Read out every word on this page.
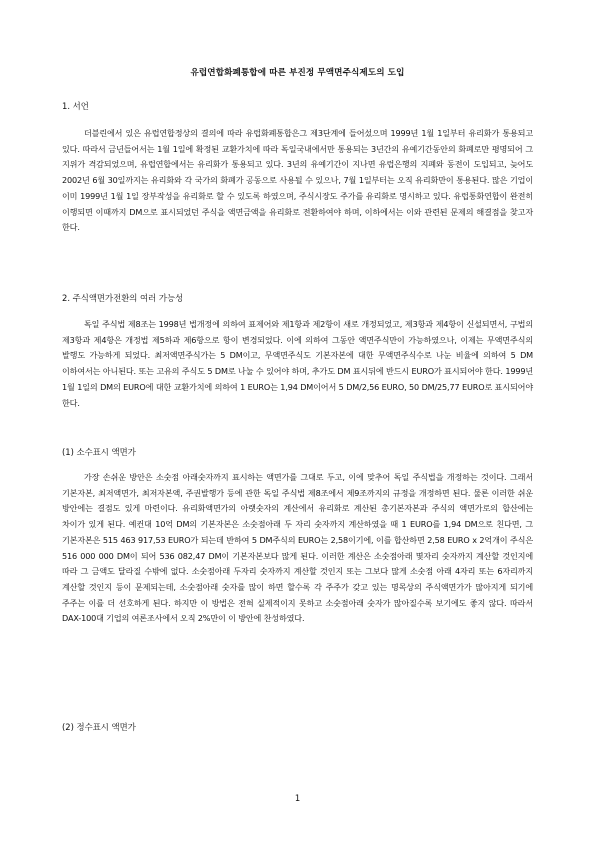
유럽연합화폐통합에 따른 부진정 무액면주식제도의 도입
1. 서언

더블린에서 있은 유럽연합정상의 결의에 따라 유럽화폐통합은그 제3단계에 들어섰으며 1999년 1월 1일부터 유리화가 통용되고 있다. 따라서 금년들어서는 1월 1일에 확정된 교환가치에 따라 독일국내에서만 통용되는 3년간의 유예기간동안의 화폐로만 평명되어 그 지위가 격감되었으며, 유럽연합에서는 유리화가 통용되고 있다. 3년의 유예기간이 지나면 유럽은행의 지폐와 동전이 도입되고, 늦어도 2002년 6월 30일까지는 유리화와 각 국가의 화폐가 공동으로 사용될 수 있으나, 7월 1일부터는 오직 유리화만이 통용된다. 많은 기업이 이미 1999년 1월 1일 장부작성을 유리화로 할 수 있도록 하였으며, 주식시장도 주가를 유리화로 명시하고 있다. 유럽통화연합이 완전히 이행되면 이때까지 DM으로 표시되었던 주식을 액면금액을 유리화로 전환하여야 하며, 이하에서는 이와 관련된 문제의 해결점을 찾고자 한다.

2. 주식액면가전환의 여러 가능성

독일 주식법 제8조는 1998년 법개정에 의하여 표제어와 제1항과 제2항이 새로 개정되었고, 제3항과 제4항이 신설되면서, 구법의 제3항과 제4항은 개정법 제5하과 제6항으로 항이 변경되었다. 이에 의하여 그동안 액면주식만이 가능하였으나, 이제는 무액면주식의 발행도 가능하게 되었다. 최저액면주식가는 5 DM이고, 무액면주식도 기본자본에 대한 무액면주식수로 나눈 비율에 의하여 5 DM 이하여서는 아니된다. 또는 고유의 주식도 5 DM로 나눌 수 있어야 하며, 추가도 DM 표시뒤에 반드시 EURO가 표시되어야 한다. 1999년 1월 1일의 DM의 EURO에 대한 교환가치에 의하여 1 EURO는 1,94 DM이어서 5 DM/2,56 EURO, 50 DM/25,77 EURO로 표시되어야 한다.

(1) 소수표시 액면가

가장 손쉬운 방안은 소숫점 아래숫자까지 표시하는 액면가를 그대로 두고, 이에 맞추어 독일 주식법을 개정하는 것이다. 그래서 기본자본, 최저액면가, 최저자본액, 주권발행가 등에 관한 독일 주식법 제8조에서 제9조까지의 규정을 개정하면 된다. 물론 이러한 쉬운 방안에는 결점도 있게 마련이다. 유리화액면가의 아랫숫자의 계산에서 유리화로 계산된 총기본자본과 주식의 액면가로의 합산에는 차이가 있게 된다. 예컨대 10억 DM의 기본자본은 소숫점아래 두 자리 숫자까지 계산하였을 때 1 EURO를 1,94 DM으로 친다면, 그 기본자본은 515 463 917,53 EURO가 되는데 반하여 5 DM주식의 EURO는 2,58이기에, 이를 합산하면 2,58 EURO x 2억개이 주식은 516 000 000 DM이 되어 536 082,47 DM이 기본자본보다 많게 된다. 이러한 계산은 소숫점아래 몇자리 숫자까지 계산할 것인지에 따라 그 금액도 달라질 수밖에 없다. 소숫점아래 두자리 숫자까지 계산할 것인지 또는 그보다 많게 소숫점 아래 4자리 또는 6자리까지 계산할 것인지 등이 문제되는데, 소숫점아래 숫자를 많이 하면 할수록 각 주주가 갖고 있는 명목상의 주식액면가가 많아지게 되기에 주주는 이를 더 선호하게 된다. 하지만 이 방법은 전혀 실제적이지 못하고 소숫점아래 숫자가 많아질수록 보기에도 좋지 않다. 따라서 DAX-100대 기업의 여론조사에서 오직 2%만이 이 방안에 찬성하였다.

(2) 정수표시 액면가
1
